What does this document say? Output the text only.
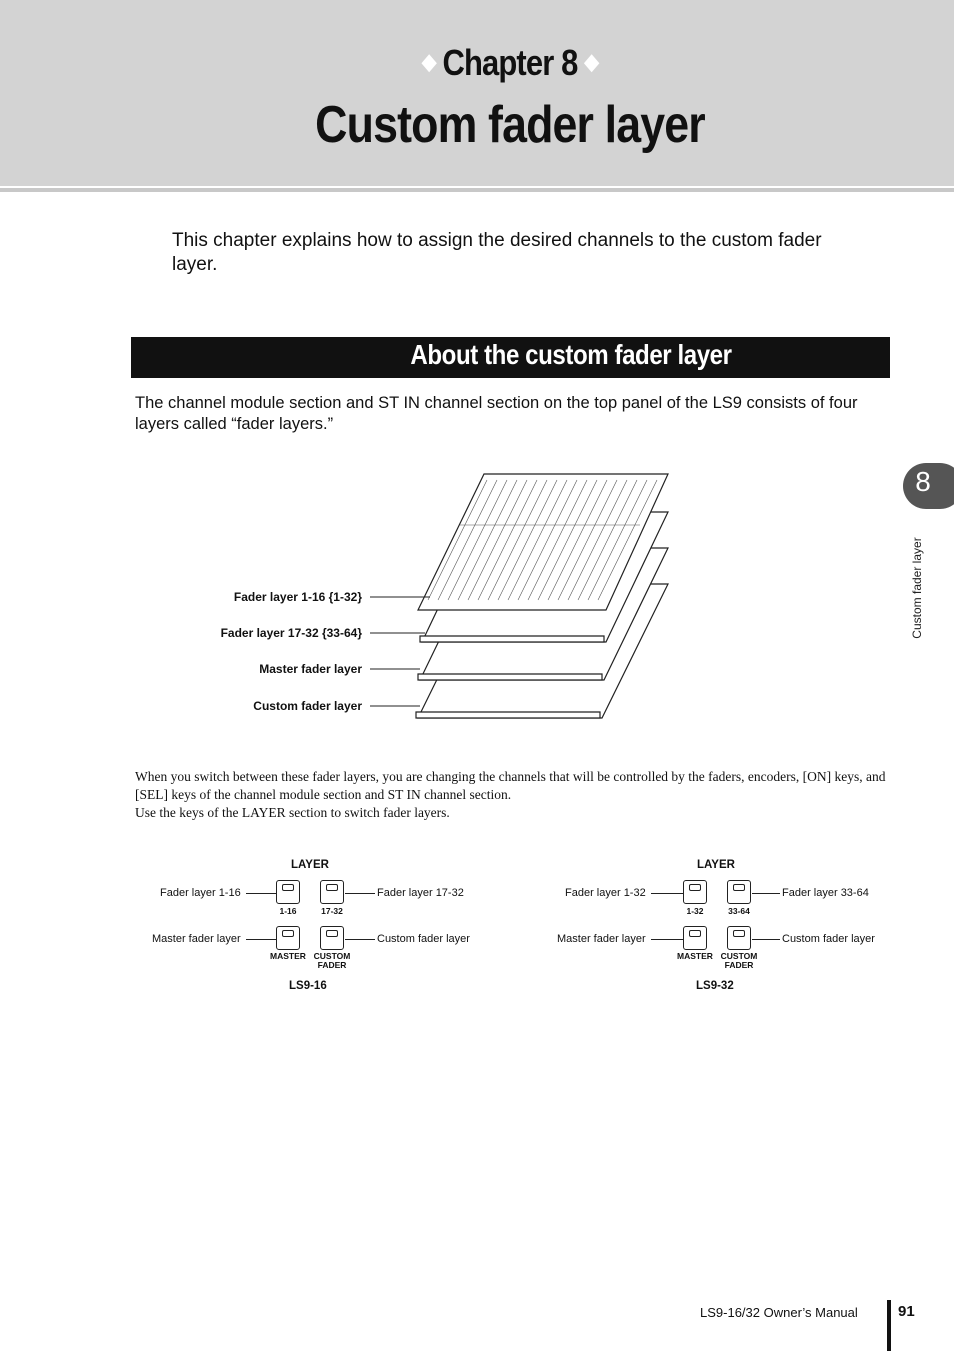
◆ Chapter 8 ◆
Custom fader layer
This chapter explains how to assign the desired channels to the custom fader layer.
About the custom fader layer
The channel module section and ST IN channel section on the top panel of the LS9 consists of four layers called “fader layers.”
Fader layer 1-16 {1-32}
Fader layer 17-32 {33-64}
Master fader layer
Custom fader layer
When you switch between these fader layers, you are changing the channels that will be controlled by the faders, encoders, [ON] keys, and [SEL] keys of the channel module section and ST IN channel section.
Use the keys of the LAYER section to switch fader layers.
LAYER
Fader layer 1-16
1-16	17-32
Fader layer 17-32
Master fader layer
MASTER CUSTOM
FADER
Custom fader layer
LS9-16
LAYER
Fader layer 1-32
1-32	33-64
Fader layer 33-64
Master fader layer
MASTER CUSTOM
FADER
Custom fader layer
LS9-32
8
Custom fader layer
LS9-16/32 Owner’s Manual	91
